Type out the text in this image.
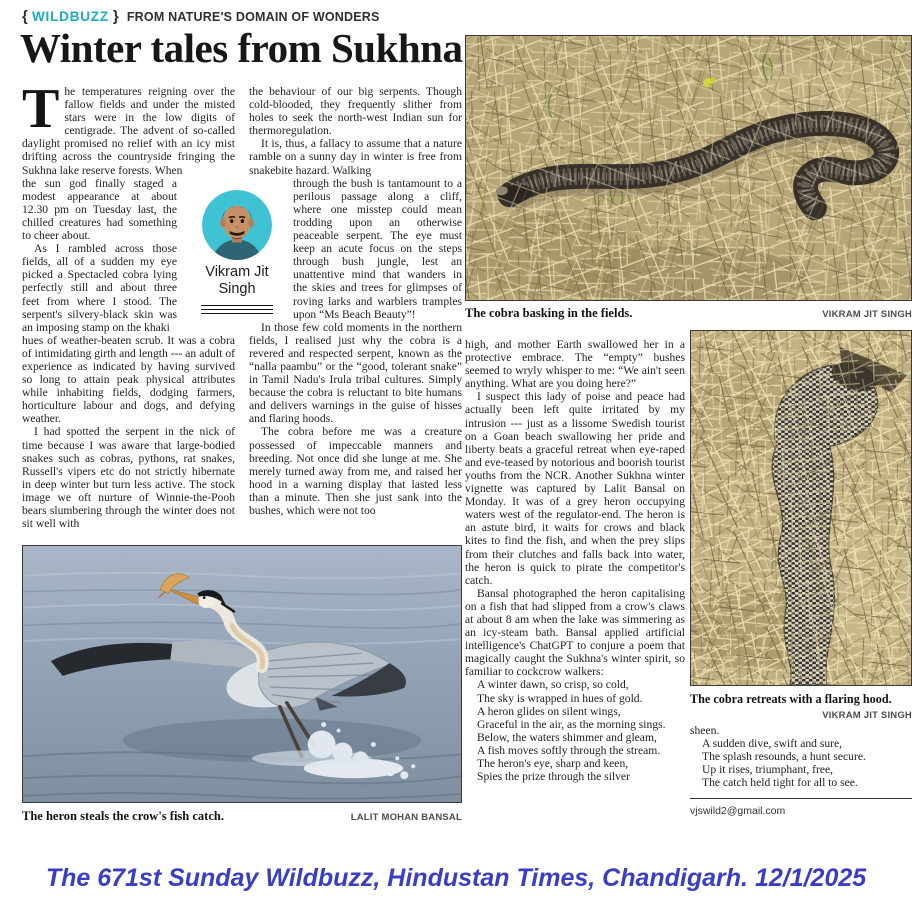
{ WILDBUZZ } FROM NATURE'S DOMAIN OF WONDERS
Winter tales from Sukhna

The temperatures reigning over the fallow fields and under the misted stars were in the low digits of centigrade. The advent of so-called daylight promised no relief with an icy mist drifting across the countryside fringing the Sukhna lake reserve forests. When

the sun god finally staged a modest appearance at about 12.30 pm on Tuesday last, the chilled creatures had something to cheer about.

As I rambled across those fields, all of a sudden my eye picked a Spectacled cobra lying perfectly still and about three feet from where I stood. The serpent's silvery-black skin was an imposing stamp on the khaki

hues of weather-beaten scrub. It was a cobra of intimidating girth and length --- an adult of experience as indicated by having survived so long to attain peak physical attributes while inhabiting fields, dodging farmers, horticulture labour and dogs, and defying weather.

I had spotted the serpent in the nick of time because I was aware that large-bodied snakes such as cobras, pythons, rat snakes, Russell's vipers etc do not strictly hibernate in deep winter but turn less active. The stock image we oft nurture of Winnie-the-Pooh bears slumbering through the winter does not sit well with

the behaviour of our big serpents. Though cold-blooded, they frequently slither from holes to seek the north-west Indian sun for thermoregulation.

It is, thus, a fallacy to assume that a nature ramble on a sunny day in winter is free from snakebite hazard. Walking

through the bush is tantamount to a perilous passage along a cliff, where one misstep could mean trodding upon an otherwise peaceable serpent. The eye must keep an acute focus on the steps through bush jungle, lest an unattentive mind that wanders in the skies and trees for glimpses of roving larks and warblers tramples upon “Ms Beach Beauty”!

In those few cold moments in the northern fields, I realised just why the cobra is a revered and respected serpent, known as the “nalla paambu” or the “good, tolerant snake” in Tamil Nadu's Irula tribal cultures. Simply because the cobra is reluctant to bite humans and delivers warnings in the guise of hisses and flaring hoods.

The cobra before me was a creature possessed of impeccable manners and breeding. Not once did she lunge at me. She merely turned away from me, and raised her hood in a warning display that lasted less than a minute. Then she just sank into the bushes, which were not too

Vikram Jit
Singh
The cobra basking in the fields.	VIKRAM JIT SINGH

high, and mother Earth swallowed her in a protective embrace. The “empty” bushes seemed to wryly whisper to me: “We ain't seen anything. What are you doing here?”

I suspect this lady of poise and peace had actually been left quite irritated by my intrusion --- just as a lissome Swedish tourist on a Goan beach swallowing her pride and liberty beats a graceful retreat when eye-raped and eve-teased by notorious and boorish tourist youths from the NCR. Another Sukhna winter vignette was captured by Lalit Bansal on Monday. It was of a grey heron occupying waters west of the regulator-end. The heron is an astute bird, it waits for crows and black kites to find the fish, and when the prey slips from their clutches and falls back into water, the heron is quick to pirate the competitor's catch.

Bansal photographed the heron capitalising on a fish that had slipped from a crow's claws at about 8 am when the lake was simmering as an icy-steam bath. Bansal applied artificial intelligence's ChatGPT to conjure a poem that magically caught the Sukhna's winter spirit, so familiar to cockcrow walkers:

A winter dawn, so crisp, so cold,
The sky is wrapped in hues of gold.
A heron glides on silent wings,
Graceful in the air, as the morning sings.
Below, the waters shimmer and gleam,
A fish moves softly through the stream.
The heron's eye, sharp and keen,
Spies the prize through the silver
The cobra retreats with a flaring hood.
VIKRAM JIT SINGH

sheen.

A sudden dive, swift and sure,
The splash resounds, a hunt secure.
Up it rises, triumphant, free,
The catch held tight for all to see.
vjswild2@gmail.com
The heron steals the crow's fish catch.	LALIT MOHAN BANSAL
The 671st Sunday Wildbuzz, Hindustan Times, Chandigarh. 12/1/2025
